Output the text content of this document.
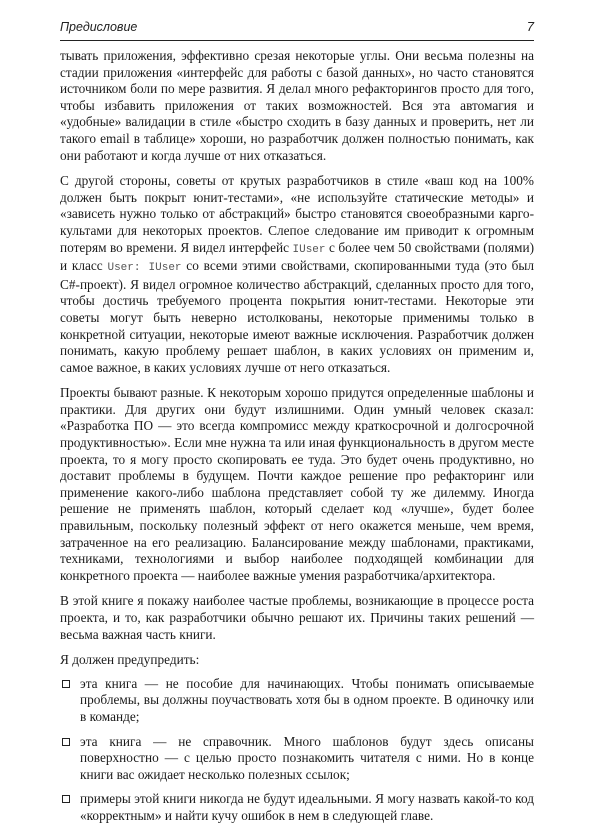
Предисловие	7

тывать приложения, эффективно срезая некоторые углы. Они весьма полезны на стадии приложения «интерфейс для работы с базой данных», но часто становятся источником боли по мере развития. Я делал много рефакторингов просто для того, чтобы избавить приложения от таких возможностей. Вся эта автомагия и «удобные» валидации в стиле «быстро сходить в базу данных и проверить, нет ли такого email в таблице» хороши, но разработчик должен полностью понимать, как они работают и когда лучше от них отказаться.

С другой стороны, советы от крутых разработчиков в стиле «ваш код на 100% должен быть покрыт юнит-тестами», «не используйте статические методы» и «зависеть нужно только от абстракций» быстро становятся своеобразными карго-культами для некоторых проектов. Слепое следование им приводит к огромным потерям во времени. Я видел интерфейс IUser с более чем 50 свойствами (полями) и класс User: IUser со всеми этими свойствами, скопированными туда (это был C#-проект). Я видел огромное количество абстракций, сделанных просто для того, чтобы достичь требуемого процента покрытия юнит-тестами. Некоторые эти советы могут быть неверно истолкованы, некоторые применимы только в конкретной ситуации, некоторые имеют важные исключения. Разработчик должен понимать, какую проблему решает шаблон, в каких условиях он применим и, самое важное, в каких условиях лучше от него отказаться.

Проекты бывают разные. К некоторым хорошо придутся определенные шаблоны и практики. Для других они будут излишними. Один умный человек сказал: «Разработка ПО — это всегда компромисс между краткосрочной и долгосрочной продуктивностью». Если мне нужна та или иная функциональность в другом месте проекта, то я могу просто скопировать ее туда. Это будет очень продуктивно, но доставит проблемы в будущем. Почти каждое решение про рефакторинг или применение какого-либо шаблона представляет собой ту же дилемму. Иногда решение не применять шаблон, который сделает код «лучше», будет более правильным, поскольку полезный эффект от него окажется меньше, чем время, затраченное на его реализацию. Балансирование между шаблонами, практиками, техниками, технологиями и выбор наиболее подходящей комбинации для конкретного проекта — наиболее важные умения разработчика/архитектора.

В этой книге я покажу наиболее частые проблемы, возникающие в процессе роста проекта, и то, как разработчики обычно решают их. Причины таких решений — весьма важная часть книги.

Я должен предупредить:

эта книга — не пособие для начинающих. Чтобы понимать описываемые проблемы, вы должны поучаствовать хотя бы в одном проекте. В одиночку или в команде;
эта книга — не справочник. Много шаблонов будут здесь описаны поверхностно — с целью просто познакомить читателя с ними. Но в конце книги вас ожидает несколько полезных ссылок;
примеры этой книги никогда не будут идеальными. Я могу назвать какой-то код «корректным» и найти кучу ошибок в нем в следующей главе.
